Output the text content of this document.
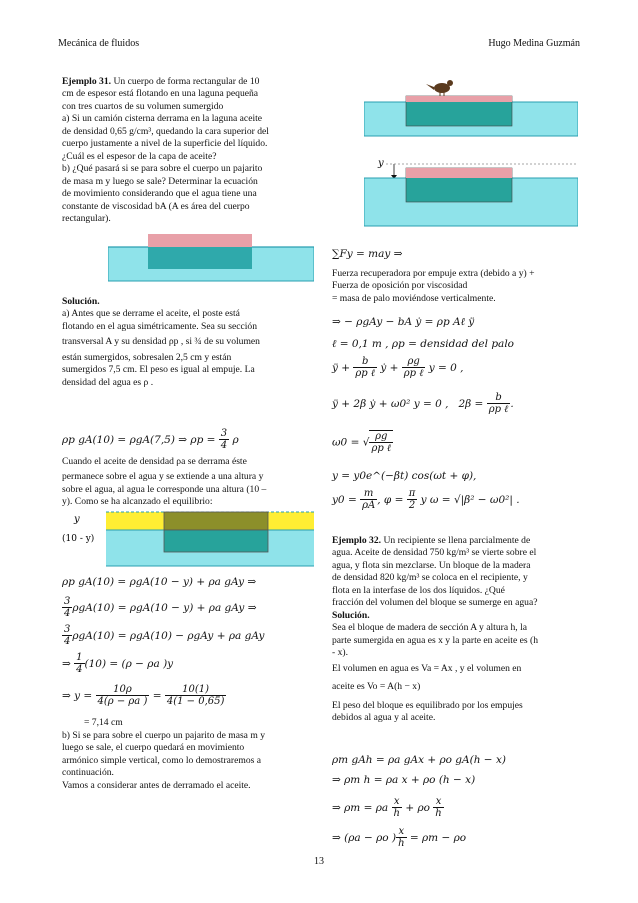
Mecánica de fluidos	Hugo Medina Guzmán

Ejemplo 31. Un cuerpo de forma rectangular de 10

cm de espesor está flotando en una laguna pequeña

con tres cuartos de su volumen sumergido

a) Si un camión cisterna derrama en la laguna aceite

de densidad 0,65 g/cm³, quedando la cara superior del

cuerpo justamente a nivel de la superficie del líquido.

¿Cuál es el espesor de la capa de aceite?

b) ¿Qué pasará si se para sobre el cuerpo un pajarito

de masa m y luego se sale? Determinar la ecuación

de movimiento considerando que el agua tiene una

constante de viscosidad bA (A es área del cuerpo

rectangular).

Solución.

a) Antes que se derrame el aceite, el poste está

flotando en el agua simétricamente. Sea su sección

transversal A y su densidad ρp , si ¾ de su volumen

están sumergidos, sobresalen 2,5 cm y están

sumergidos 7,5 cm. El peso es igual al empuje. La

densidad del agua es ρ .

ρp gA(10) = ρgA(7,5) ⇒ $\rho p = \frac{3}{4}$ ρ

Cuando el aceite de densidad ρa se derrama éste

permanece sobre el agua y se extiende a una altura y

sobre el agua, al agua le corresponde una altura (10 –

y). Como se ha alcanzado el equilibrio:

y
(10 - y)
ρp gA(10) = ρgA(10 − y) + ρa gAy ⇒
$\frac{3}{4} \rho gA(10) = \rho gA(10 - y) + \rho a$ gAy ⇒
$\frac{3}{4} \rho gA(10) = \rho gA(10) - \rho gAy + \rho a$ gAy
⇒ $\frac{1}{4} (10) = (\rho - \rho a$ )y
⇒ $y = \frac{10\rho}{4(\rho - \rho a )} = \frac{10(1)}{4(1 - 0,65)}$
= 7,14 cm

b) Si se para sobre el cuerpo un pajarito de masa m y

luego se sale, el cuerpo quedará en movimiento

armónico simple vertical, como lo demostraremos a

continuación.

Vamos a considerar antes de derramado el aceite.

y
∑Fy = may ⇒

Fuerza recuperadora por empuje extra (debido a y) +

Fuerza de oposición por viscosidad

= masa de palo moviéndose verticalmente.

⇒ − ρgAy − bA ẏ = ρp Aℓ ÿ
ℓ = 0,1 m , ρp = densidad del palo
ÿ + $\frac{b}{\text{ρp ℓ}}$ ẏ + $\frac{\rho g}{\text{ρp ℓ}}$ y = 0 ,
ÿ + 2β ẏ + ω0² y = 0 , $2\beta = \frac{b}{\text{ρp ℓ}}$ .
ω0 = √ $\frac{\rho g}{\text{ρp ℓ}}$
y = y0e^(−βt) cos(ωt + φ),
$y0 = \frac{m}{\rho A}$ , $\varphi = \frac{\pi}{2}$ y ω = √|β² − ω0²| .

Ejemplo 32. Un recipiente se llena parcialmente de

agua. Aceite de densidad 750 kg/m³ se vierte sobre el

agua, y flota sin mezclarse. Un bloque de la madera

de densidad 820 kg/m³ se coloca en el recipiente, y

flota en la interfase de los dos líquidos. ¿Qué

fracción del volumen del bloque se sumerge en agua?

Solución.

Sea el bloque de madera de sección A y altura h, la

parte sumergida en agua es x y la parte en aceite es (h

- x).

El volumen en agua es Va = Ax , y el volumen en

aceite es Vo = A(h − x)

El peso del bloque es equilibrado por los empujes

debidos al agua y al aceite.

ρm gAh = ρa gAx + ρo gA(h − x)
⇒ ρm h = ρa x + ρo (h − x)
⇒ ρm = ρa $\frac{x}{h} + \rho o \frac{x}{h}$
⇒ (ρa − ρo ) $\frac{x}{h} = \rho m - \rho o$
13
